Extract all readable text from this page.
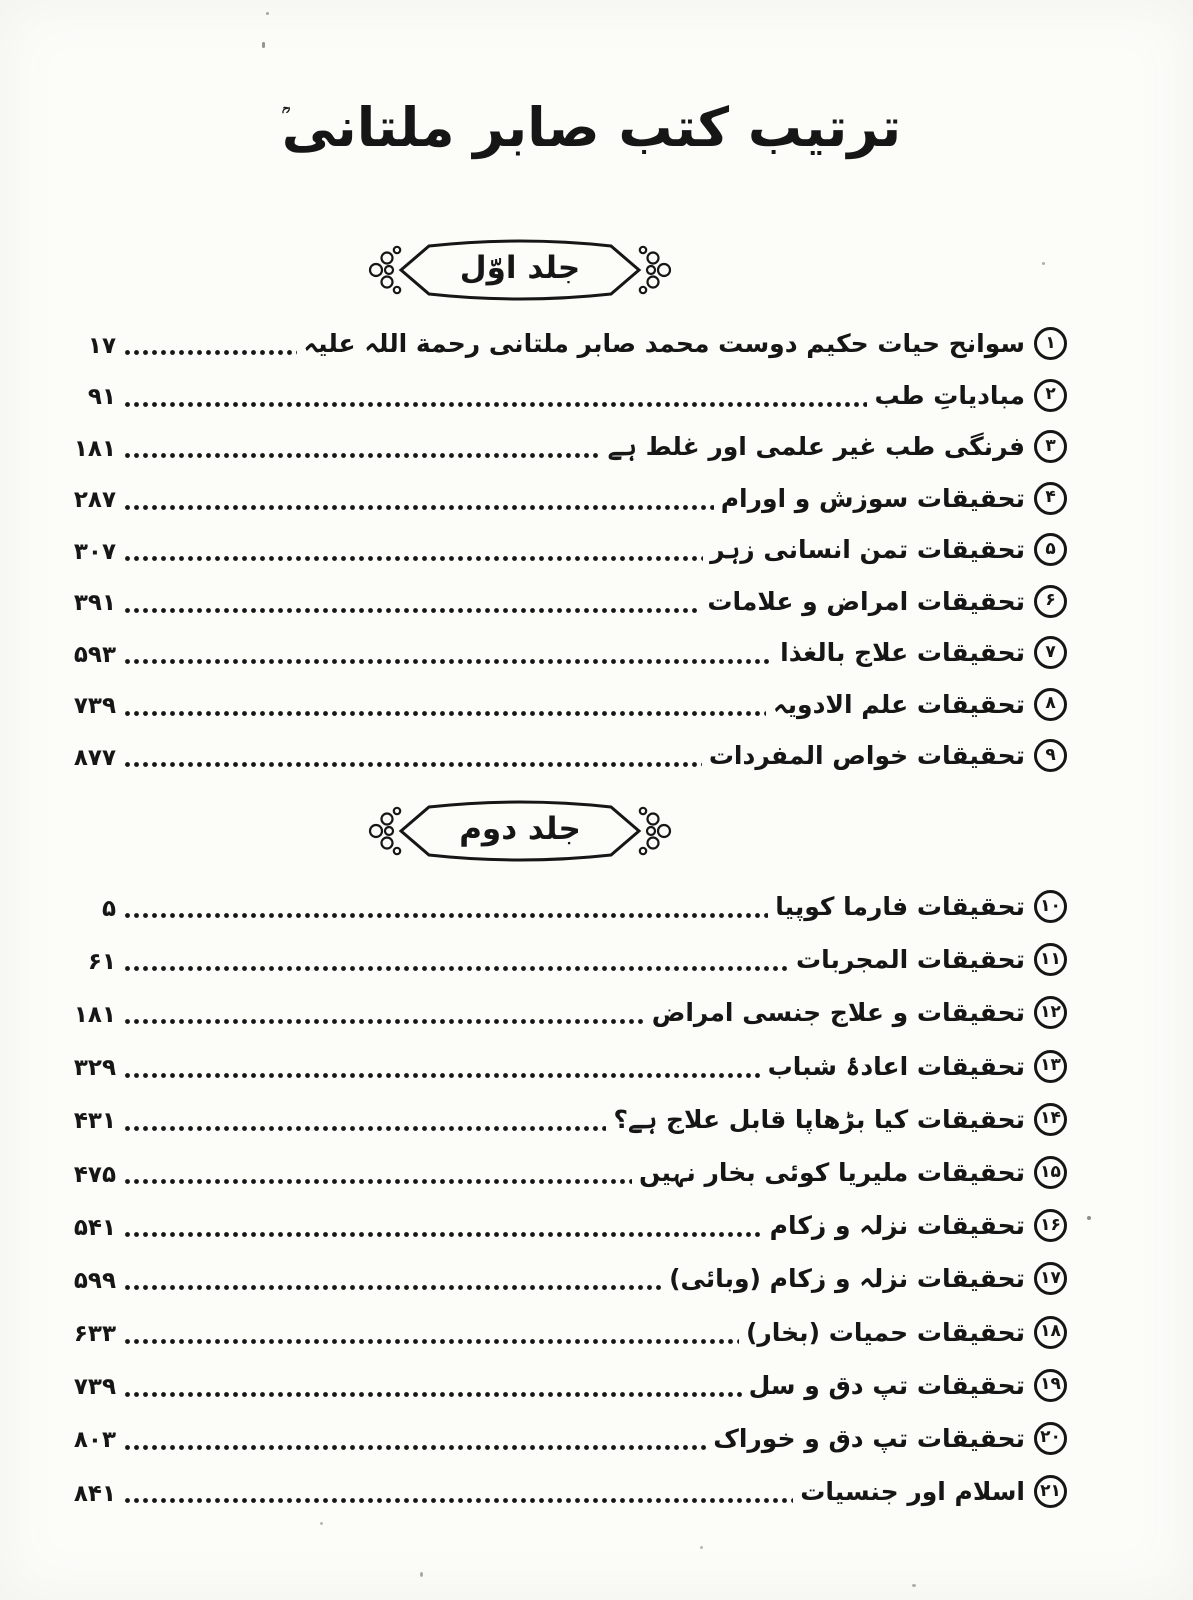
ترتیب کتب صابر ملتانی
جلد اوّل
۱
سوانح حیات حکیم دوست محمد صابر ملتانی رحمة اللہ علیہ
۱۷
۲
مبادیاتِ طب
۹۱
۳
فرنگی طب غیر علمی اور غلط ہے
۱۸۱
۴
تحقیقات سوزش و اورام
۲۸۷
۵
تحقیقات تمن انسانی زہر
۳۰۷
۶
تحقیقات امراض و علامات
۳۹۱
۷
تحقیقات علاج بالغذا
۵۹۳
۸
تحقیقات علم الادویہ
۷۳۹
۹
تحقیقات خواص المفردات
۸۷۷
جلد دوم
۱۰
تحقیقات فارما کوپیا
۵
۱۱
تحقیقات المجربات
۶۱
۱۲
تحقیقات و علاج جنسی امراض
۱۸۱
۱۳
تحقیقات اعادۂ شباب
۳۲۹
۱۴
تحقیقات کیا بڑھاپا قابل علاج ہے؟
۴۳۱
۱۵
تحقیقات ملیریا کوئی بخار نہیں
۴۷۵
۱۶
تحقیقات نزلہ و زکام
۵۴۱
۱۷
تحقیقات نزلہ و زکام (وبائی)
۵۹۹
۱۸
تحقیقات حمیات (بخار)
۶۳۳
۱۹
تحقیقات تپ دق و سل
۷۳۹
۲۰
تحقیقات تپ دق و خوراک
۸۰۳
۲۱
اسلام اور جنسیات
۸۴۱
